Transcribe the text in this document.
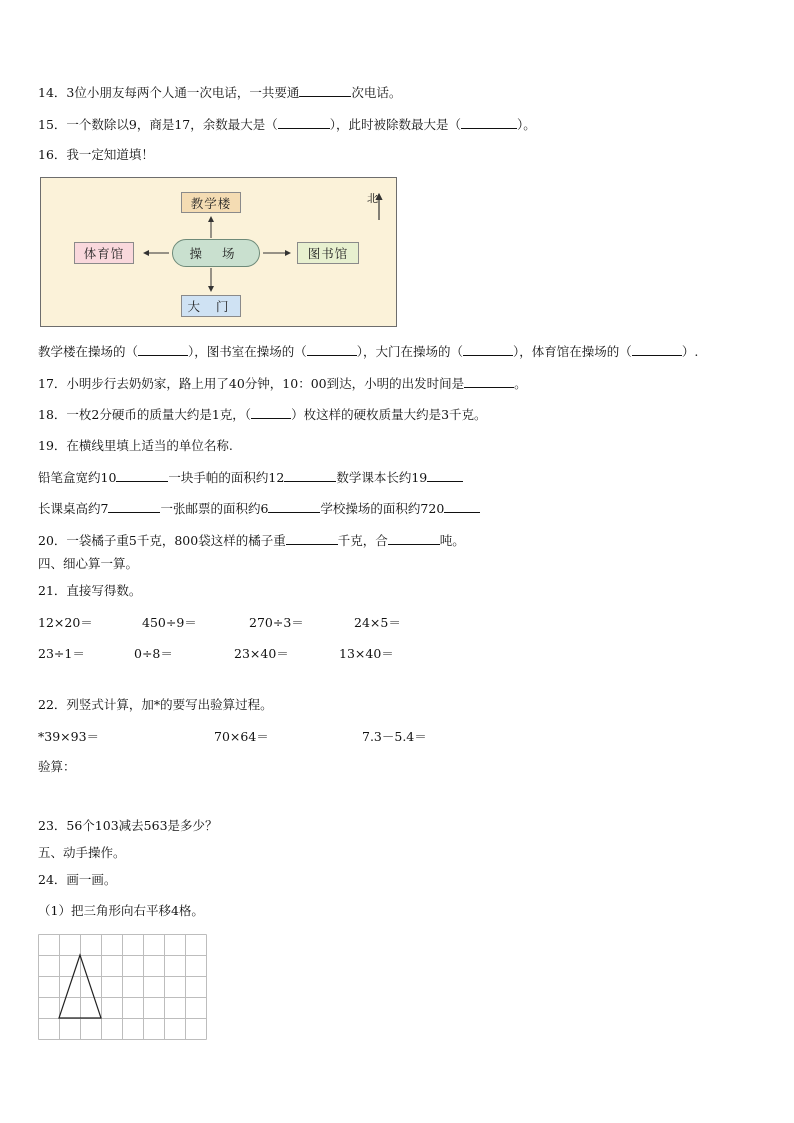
14．3位小朋友每两个人通一次电话，一共要通	次电话。
15．一个数除以9，商是17，余数最大是（	），此时被除数最大是（	）。
16．我一定知道填！
教学楼
体育馆	图书馆
大 门
操 场
北
教学楼在操场的（	），图书室在操场的（	），大门在操场的（	），体育馆在操场的（	）.
17．小明步行去奶奶家，路上用了40分钟，10：00到达，小明的出发时间是	。
18．一枚2分硬币的质量大约是1克，（	）枚这样的硬枚质量大约是3千克。
19．在横线里填上适当的单位名称.
铅笔盒宽约10	一块手帕的面积约12	数学课本长约19
长课桌高约7	一张邮票的面积约6	学校操场的面积约720
20．一袋橘子重5千克，800袋这样的橘子重	千克，合	吨。
四、细心算一算。
21．直接写得数。
12×20＝	450÷9＝	270÷3＝	24×5＝
23÷1＝	0÷8＝	23×40＝	13×40＝
22．列竖式计算，加*的要写出验算过程。
*39×93＝	70×64＝	7.3－5.4＝
验算：
23．56个103减去563是多少？
五、动手操作。
24．画一画。
（1）把三角形向右平移4格。
